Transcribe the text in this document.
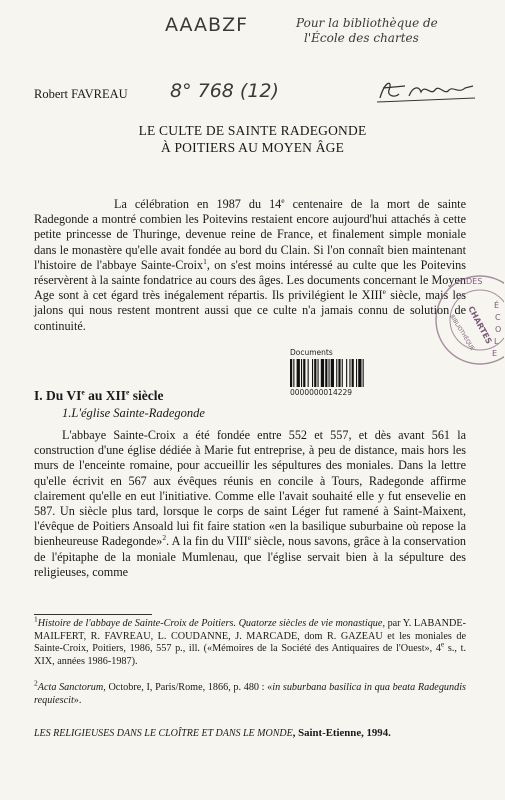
AAABZF
8° 768 (12)
Pour la bibliothèque de
l'École des chartes
Robert FAVREAU
LE CULTE DE SAINTE RADEGONDE
À POITIERS AU MOYEN ÂGE
La célébration en 1987 du 14e centenaire de la mort de sainte Radegonde a montré combien les Poitevins restaient encore aujourd'hui attachés à cette petite princesse de Thuringe, devenue reine de France, et finalement simple moniale dans le monastère qu'elle avait fondée au bord du Clain. Si l'on connaît bien maintenant l'histoire de l'abbaye Sainte-Croix$^1$, on s'est moins intéressé au culte que les Poitevins réservèrent à la sainte fondatrice au cours des âges. Les documents concernant le Moyen Age sont à cet égard très inégalement répartis. Ils privilégient le XIIIe siècle, mais les jalons qui nous restent montrent aussi que ce culte n'a jamais connu de solution de continuité.
DES
CHARTES
BIBLIOTHÈQUE
É
C
O
L
E
Documents
0000000014229
I. Du VIe au XIIe siècle
1.L'église Sainte-Radegonde
L'abbaye Sainte-Croix a été fondée entre 552 et 557, et dès avant 561 la construction d'une église dédiée à Marie fut entreprise, à peu de distance, mais hors les murs de l'enceinte romaine, pour accueillir les sépultures des moniales. Dans la lettre qu'elle écrivit en 567 aux évêques réunis en concile à Tours, Radegonde affirme clairement qu'elle en eut l'initiative. Comme elle l'avait souhaité elle y fut ensevelie en 587. Un siècle plus tard, lorsque le corps de saint Léger fut ramené à Saint-Maixent, l'évêque de Poitiers Ansoald lui fit faire station «en la basilique suburbaine où repose la bienheureuse Radegonde»$^2$. A la fin du VIIIe siècle, nous savons, grâce à la conservation de l'épitaphe de la moniale Mumlenau, que l'église servait bien à la sépulture des religieuses, comme
$^1$Histoire de l'abbaye de Sainte-Croix de Poitiers. Quatorze siècles de vie monastique, par Y. LABANDE-MAILFERT, R. FAVREAU, L. COUDANNE, J. MARCADE, dom R. GAZEAU et les moniales de Sainte-Croix, Poitiers, 1986, 557 p., ill. («Mémoires de la Société des Antiquaires de l'Ouest», 4e s., t. XIX, années 1986-1987).
$^2$Acta Sanctorum, Octobre, I, Paris/Rome, 1866, p. 480 : «in suburbana basilica in qua beata Radegundis requiescit».
LES RELIGIEUSES DANS LE CLOÎTRE ET DANS LE MONDE, Saint-Etienne, 1994.
